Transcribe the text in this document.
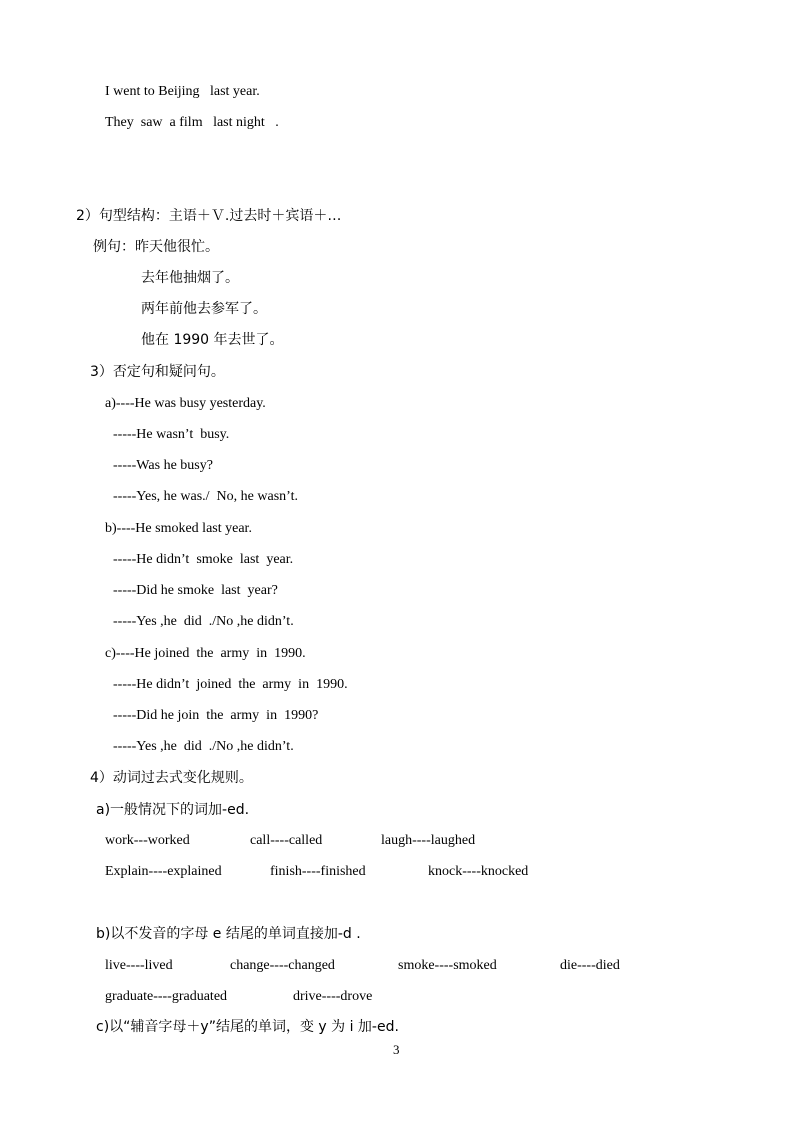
I went to Beijing   last year.
They  saw  a film   last night   .
2）句型结构：主语＋Ｖ.过去时＋宾语＋…
例句：昨天他很忙。
去年他抽烟了。
两年前他去参军了。
他在 1990 年去世了。
3）否定句和疑问句。
a)----He was busy yesterday.
-----He wasn’t  busy.
-----Was he busy?
-----Yes, he was./  No, he wasn’t.
b)----He smoked last year.
-----He didn’t  smoke  last  year.
-----Did he smoke  last  year?
-----Yes ,he  did  ./No ,he didn’t.
c)----He joined  the  army  in  1990.
-----He didn’t  joined  the  army  in  1990.
-----Did he join  the  army  in  1990?
-----Yes ,he  did  ./No ,he didn’t.
4）动词过去式变化规则。
a)一般情况下的词加-ed.
work---worked	call----called	laugh----laughed
Explain----explained	finish----finished	knock----knocked
b)以不发音的字母 e 结尾的单词直接加-d .
live----lived	change----changed	smoke----smoked	die----died
graduate----graduated	drive----drove
c)以“辅音字母＋y”结尾的单词，变 y 为 i 加-ed.
3
